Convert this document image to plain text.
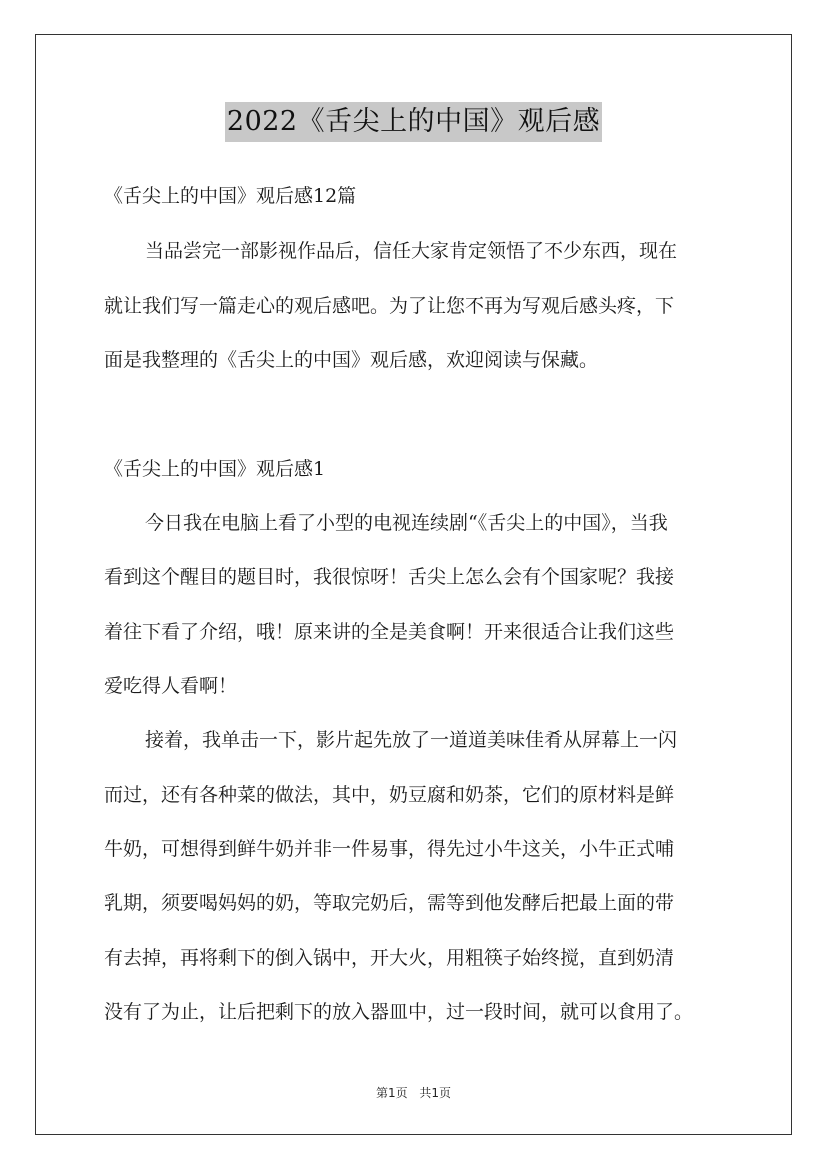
2022《舌尖上的中国》观后感
《舌尖上的中国》观后感12篇
当品尝完一部影视作品后，信任大家肯定领悟了不少东西，现在
就让我们写一篇走心的观后感吧。为了让您不再为写观后感头疼，下
面是我整理的《舌尖上的中国》观后感，欢迎阅读与保藏。
《舌尖上的中国》观后感1
今日我在电脑上看了小型的电视连续剧“《舌尖上的中国》，当我
看到这个醒目的题目时，我很惊呀！舌尖上怎么会有个国家呢？我接
着往下看了介绍，哦！原来讲的全是美食啊！开来很适合让我们这些
爱吃得人看啊！
接着，我单击一下，影片起先放了一道道美味佳肴从屏幕上一闪
而过，还有各种菜的做法，其中，奶豆腐和奶茶，它们的原材料是鲜
牛奶，可想得到鲜牛奶并非一件易事，得先过小牛这关，小牛正式哺
乳期，须要喝妈妈的奶，等取完奶后，需等到他发酵后把最上面的带
有去掉，再将剩下的倒入锅中，开大火，用粗筷子始终搅，直到奶清
没有了为止，让后把剩下的放入器皿中，过一段时间，就可以食用了。
第1页 共1页
